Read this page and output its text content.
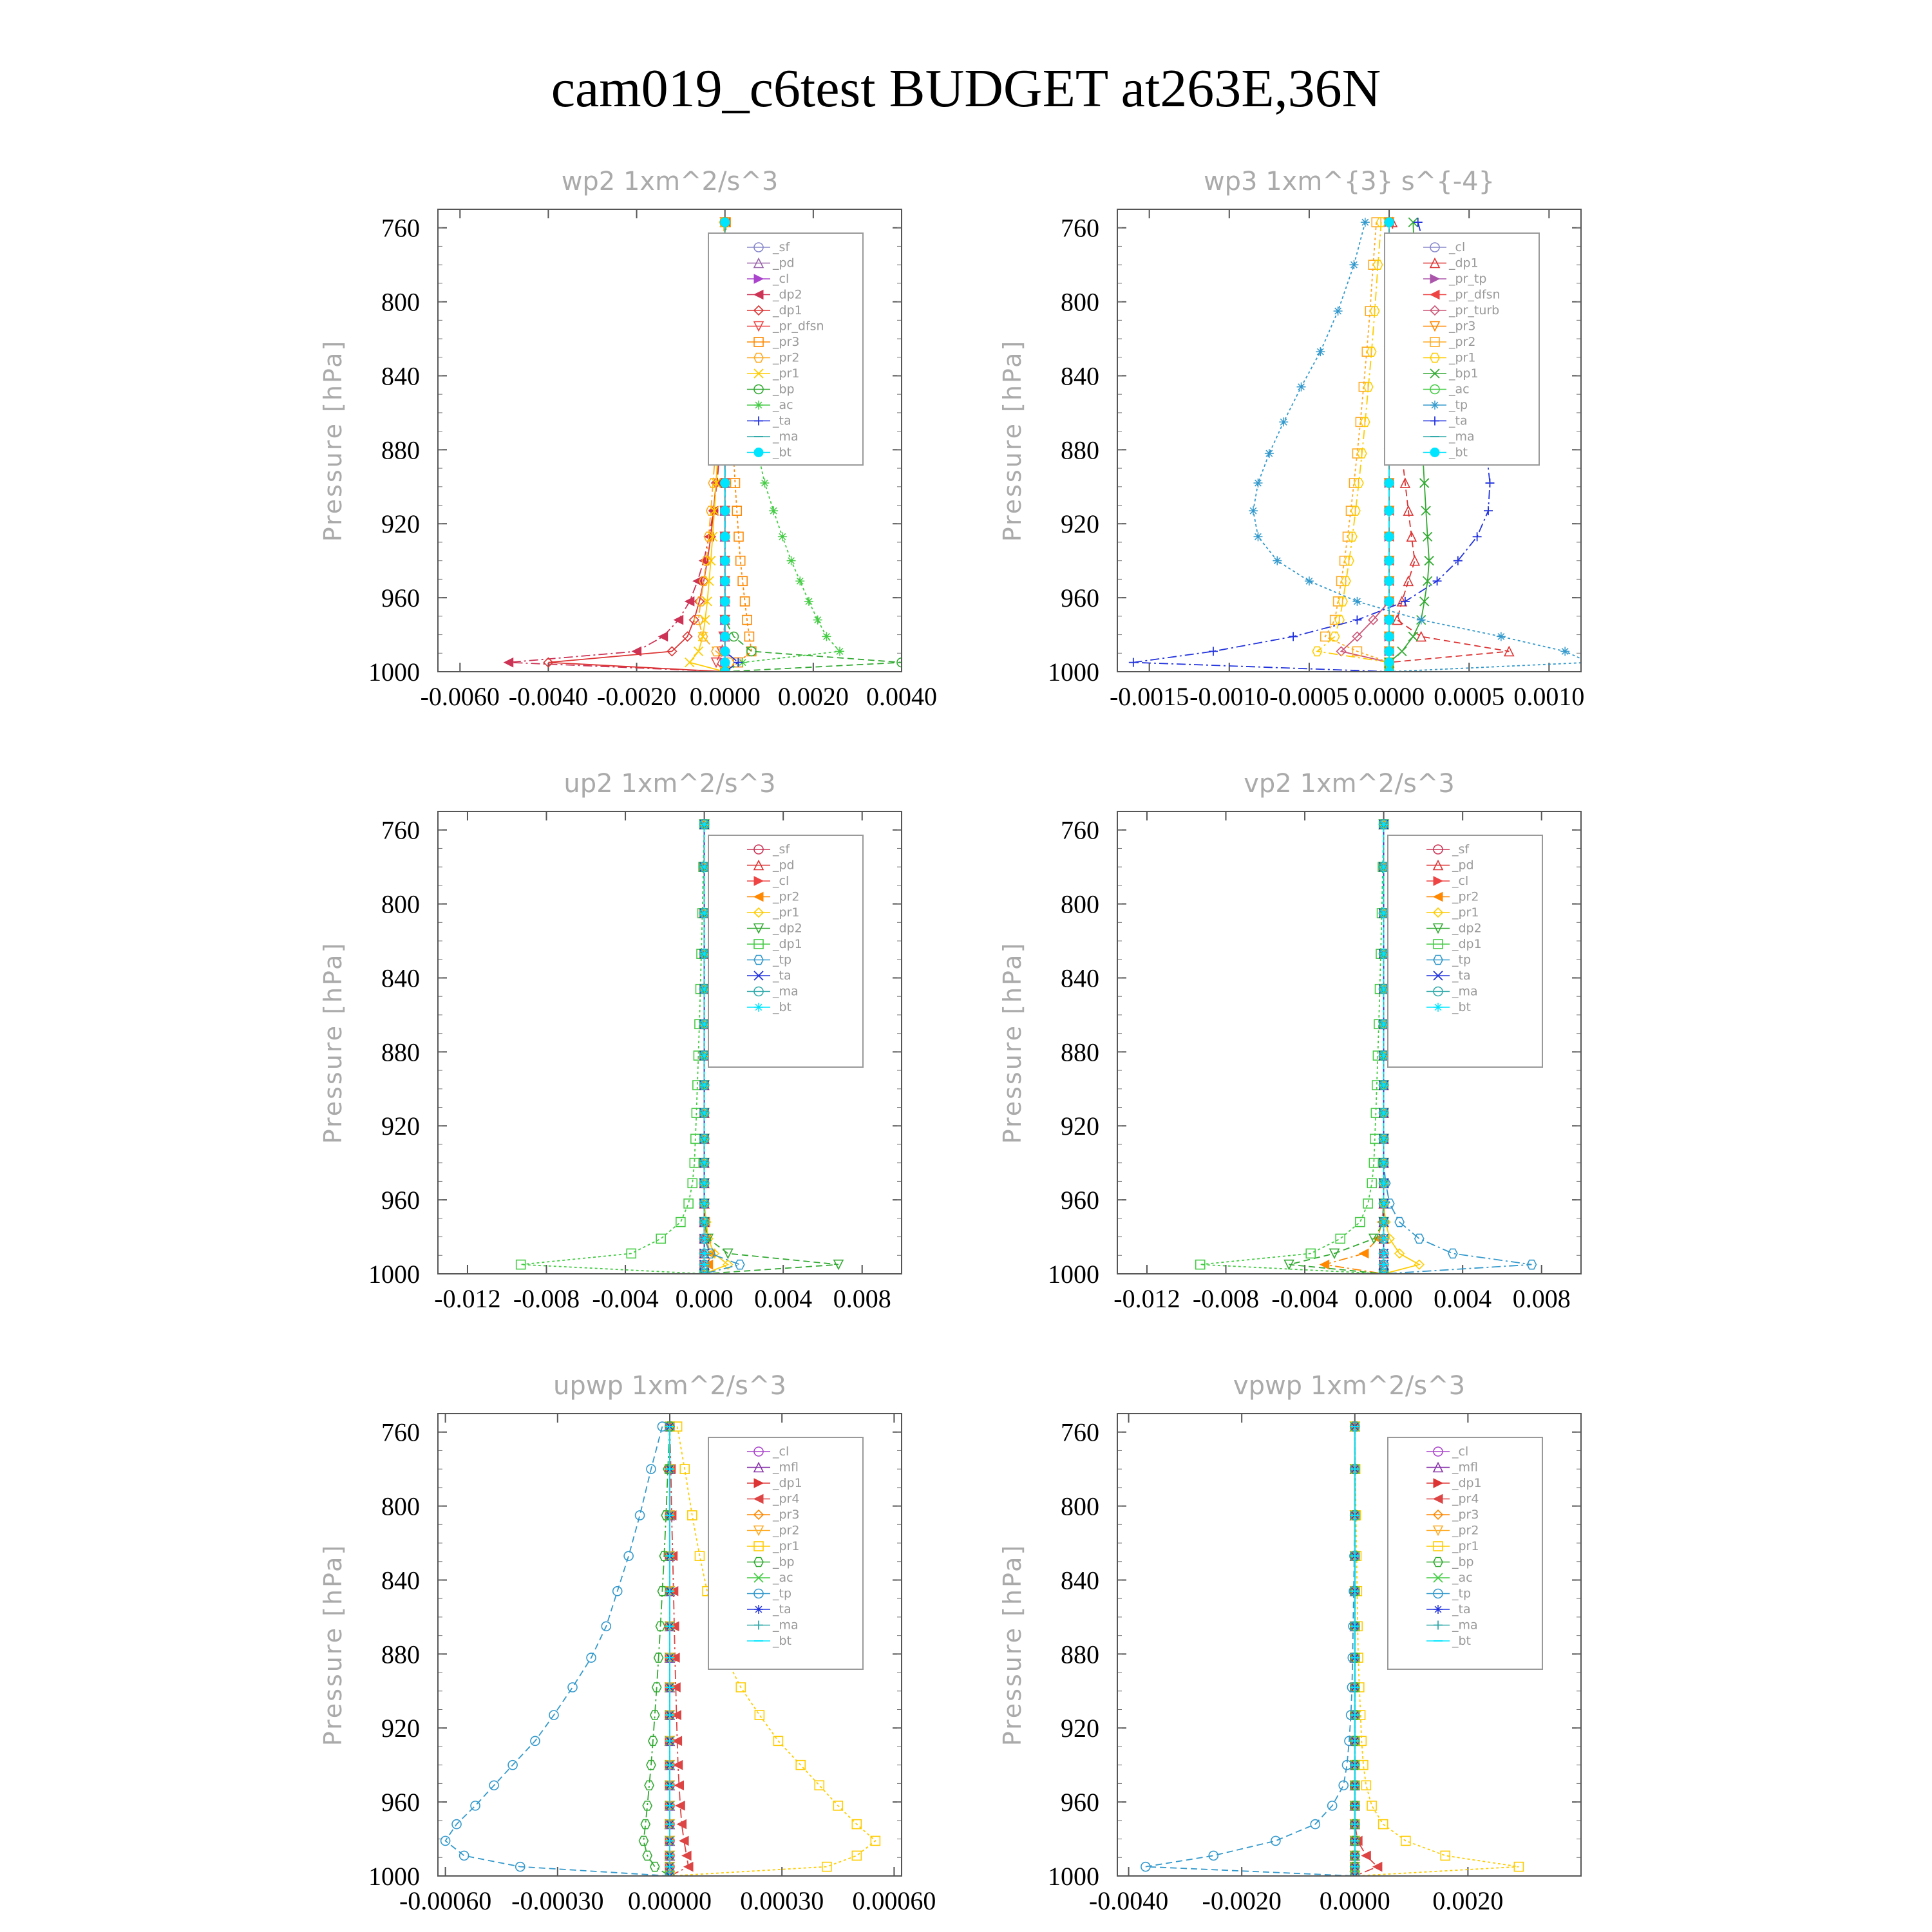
cam019_c6test BUDGET at263E,36N
wp2 1xm^2/s^3
Pressure [hPa]
760
800
840
880
920
960
1000
-0.0060 -0.0040 -0.0020 0.0000 0.0020 0.0040
_sf
_pd
_cl
_dp2
_dp1
_pr_dfsn
_pr3
_pr2
_pr1
_bp
_ac
_ta
_ma
_bt
wp3 1xm^{3} s^{-4}
Pressure [hPa]
760
800
840
880
920
960
1000
-0.0015 -0.0010 -0.0005 0.0000 0.0005 0.0010
_cl
_dp1
_pr_tp
_pr_dfsn
_pr_turb
_pr3
_pr2
_pr1
_bp1
_ac
_tp
_ta
_ma
_bt
up2 1xm^2/s^3
Pressure [hPa]
760
800
840
880
920
960
1000
-0.012 -0.008 -0.004 0.000 0.004 0.008
_sf
_pd
_cl
_pr2
_pr1
_dp2
_dp1
_tp
_ta
_ma
_bt
vp2 1xm^2/s^3
Pressure [hPa]
760
800
840
880
920
960
1000
-0.012 -0.008 -0.004 0.000 0.004 0.008
_sf
_pd
_cl
_pr2
_pr1
_dp2
_dp1
_tp
_ta
_ma
_bt
upwp 1xm^2/s^3
Pressure [hPa]
760
800
840
880
920
960
1000
-0.00060 -0.00030 0.00000 0.00030 0.00060
_cl
_mfl
_dp1
_pr4
_pr3
_pr2
_pr1
_bp
_ac
_tp
_ta
_ma
_bt
vpwp 1xm^2/s^3
Pressure [hPa]
760
800
840
880
920
960
1000
-0.0040 -0.0020 0.0000 0.0020
_cl
_mfl
_dp1
_pr4
_pr3
_pr2
_pr1
_bp
_ac
_tp
_ta
_ma
_bt
